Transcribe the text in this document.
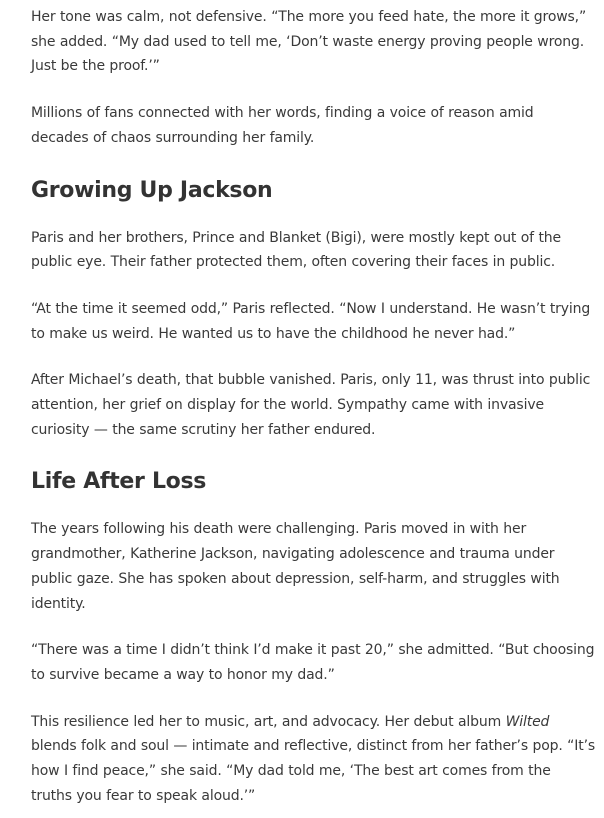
Her tone was calm, not defensive. “The more you feed hate, the more it grows,”
she added. “My dad used to tell me, ‘Don’t waste energy proving people wrong.
Just be the proof.’”

Millions of fans connected with her words, finding a voice of reason amid
decades of chaos surrounding her family.

Growing Up Jackson

Paris and her brothers, Prince and Blanket (Bigi), were mostly kept out of the
public eye. Their father protected them, often covering their faces in public.

“At the time it seemed odd,” Paris reflected. “Now I understand. He wasn’t trying
to make us weird. He wanted us to have the childhood he never had.”

After Michael’s death, that bubble vanished. Paris, only 11, was thrust into public
attention, her grief on display for the world. Sympathy came with invasive
curiosity — the same scrutiny her father endured.

Life After Loss

The years following his death were challenging. Paris moved in with her
grandmother, Katherine Jackson, navigating adolescence and trauma under
public gaze. She has spoken about depression, self-harm, and struggles with
identity.

“There was a time I didn’t think I’d make it past 20,” she admitted. “But choosing
to survive became a way to honor my dad.”

This resilience led her to music, art, and advocacy. Her debut album Wilted
blends folk and soul — intimate and reflective, distinct from her father’s pop. “It’s
how I find peace,” she said. “My dad told me, ‘The best art comes from the
truths you fear to speak aloud.’”
